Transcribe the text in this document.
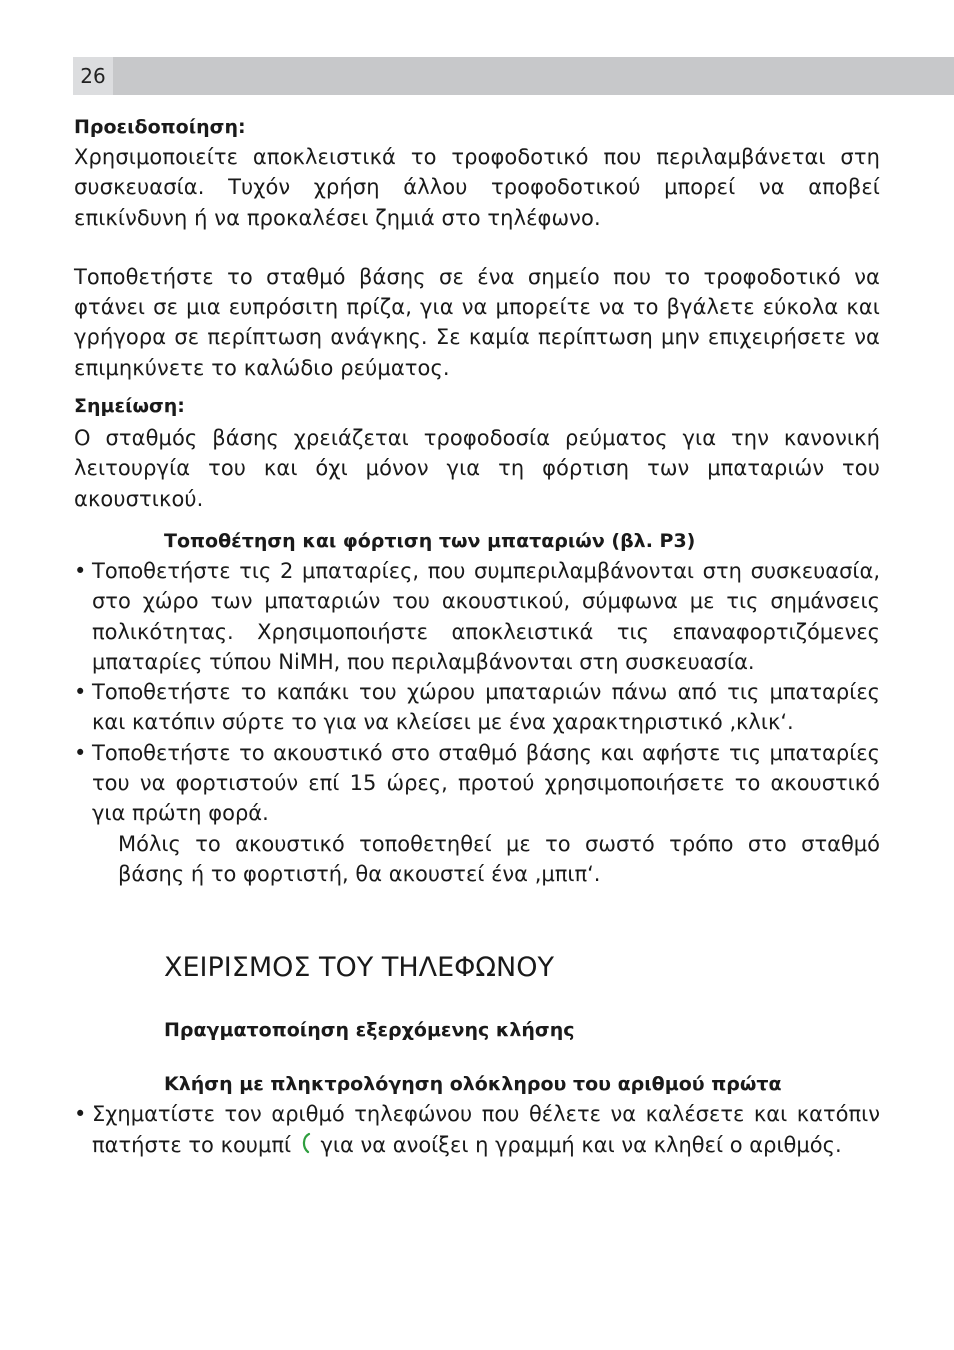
26

Προειδοποίηση:

Χρησιμοποιείτε αποκλειστικά το τροφοδοτικό που περιλαμβάνεται στη συσκευασία. Τυχόν χρήση άλλου τροφοδοτικού μπορεί να αποβεί επικίνδυνη ή να προκαλέσει ζημιά στο τηλέφωνο.

Τοποθετήστε το σταθμό βάσης σε ένα σημείο που το τροφοδοτικό να φτάνει σε μια ευπρόσιτη πρίζα, για να μπορείτε να το βγάλετε εύκολα και γρήγορα σε περίπτωση ανάγκης. Σε καμία περίπτωση μην επιχειρήσετε να επιμηκύνετε το καλώδιο ρεύματος.

Σημείωση:

Ο σταθμός βάσης χρειάζεται τροφοδοσία ρεύματος για την κανονική λειτουργία του και όχι μόνον για τη φόρτιση των μπαταριών του ακουστικού.

Τοποθέτηση και φόρτιση των μπαταριών (βλ. P3)

• Τοποθετήστε τις 2 μπαταρίες, που συμπεριλαμβάνονται στη συσκευασία, στο χώρο των μπαταριών του ακουστικού, σύμφωνα με τις σημάνσεις πολικότητας. Χρησιμοποιήστε αποκλειστικά τις επαναφορτιζόμενες μπαταρίες τύπου NiMH, που περιλαμβάνονται στη συσκευασία.
• Τοποθετήστε το καπάκι του χώρου μπαταριών πάνω από τις μπαταρίες και κατόπιν σύρτε το για να κλείσει με ένα χαρακτηριστικό ‚κλικ‘.
• Τοποθετήστε το ακουστικό στο σταθμό βάσης και αφήστε τις μπαταρίες του να φορτιστούν επί 15 ώρες, προτού χρησιμοποιήσετε το ακουστικό για πρώτη φορά.

Μόλις το ακουστικό τοποθετηθεί με το σωστό τρόπο στο σταθμό βάσης ή το φορτιστή, θα ακουστεί ένα ‚μπιπ‘.

ΧΕΙΡΙΣΜΟΣ ΤΟΥ ΤΗΛΕΦΩΝΟΥ

Πραγματοποίηση εξερχόμενης κλήσης

Κλήση με πληκτρολόγηση ολόκληρου του αριθμού πρώτα

• Σχηματίστε τον αριθμό τηλεφώνου που θέλετε να καλέσετε και κατόπιν πατήστε το κουμπί για να ανοίξει η γραμμή και να κληθεί ο αριθμός.
